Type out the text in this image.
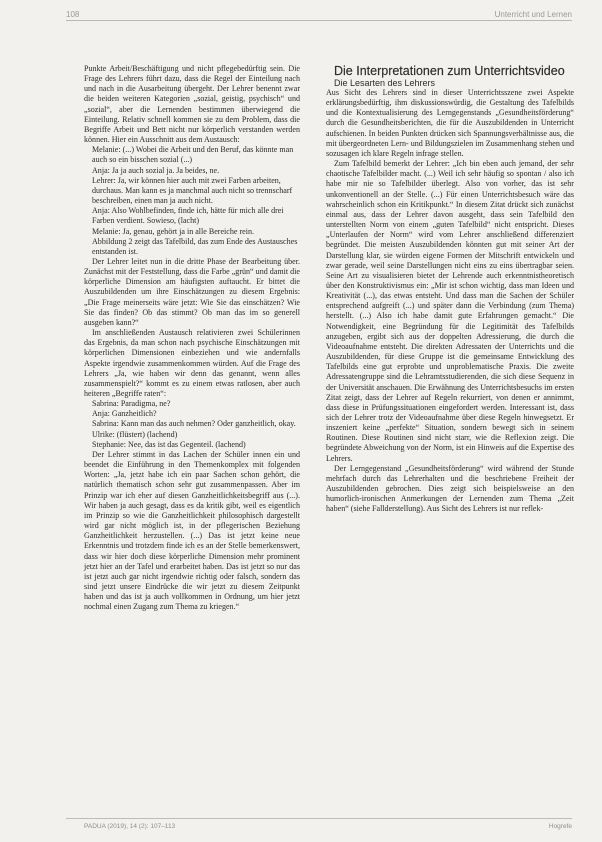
108	Unterricht und Lernen

Punkte Arbeit/Beschäftigung und nicht pflegebedürftig sein. Die Frage des Lehrers führt dazu, dass die Regel der Einteilung nach und nach in die Ausarbeitung übergeht. Der Lehrer benennt zwar die beiden weiteren Kategorien „sozial, geistig, psychisch“ und „sozial“, aber die Lernenden bestimmen überwiegend die Einteilung. Relativ schnell kommen sie zu dem Problem, dass die Begriffe Arbeit und Bett nicht nur körperlich verstanden werden können. Hier ein Ausschnitt aus dem Austausch:

Melanie: (...) Wobei die Arbeit und den Beruf, das könnte man auch so ein bisschen sozial (...)

Anja: Ja ja auch sozial ja. Ja beides, ne.

Lehrer: Ja, wir können hier auch mit zwei Farben arbeiten, durchaus. Man kann es ja manchmal auch nicht so trennscharf beschreiben, einen man ja auch nicht.

Anja: Also Wohlbefinden, finde ich, hätte für mich alle drei Farben verdient. Sowieso, (lacht)

Melanie: Ja, genau, gehört ja in alle Bereiche rein.

Abbildung 2 zeigt das Tafelbild, das zum Ende des Austausches entstanden ist.

Der Lehrer leitet nun in die dritte Phase der Bearbeitung über. Zunächst mit der Feststellung, dass die Farbe „grün“ und damit die körperliche Dimension am häufigsten auftaucht. Er bittet die Auszubildenden um ihre Einschätzungen zu diesem Ergebnis: „Die Frage meinerseits wäre jetzt: Wie Sie das einschätzen? Wie Sie das finden? Ob das stimmt? Ob man das im so generell ausgeben kann?“

Im anschließenden Austausch relativieren zwei Schülerinnen das Ergebnis, da man schon nach psychische Einschätzungen mit körperlichen Dimensionen einbeziehen und wie andernfalls Aspekte irgendwie zusammenkommen würden. Auf die Frage des Lehrers „Ja, wie haben wir denn das genannt, wenn alles zusammenspielt?“ kommt es zu einem etwas ratlosen, aber auch heiteren „Begriffe raten“:

Sabrina: Paradigma, ne?

Anja: Ganzheitlich?

Sabrina: Kann man das auch nehmen? Oder ganzheitlich, okay.

Ulrike: (flüstert) (lachend)

Stephanie: Nee, das ist das Gegenteil. (lachend)

Der Lehrer stimmt in das Lachen der Schüler innen ein und beendet die Einführung in den Themenkomplex mit folgenden Worten: „Ja, jetzt habe ich ein paar Sachen schon gehört, die natürlich thematisch schon sehr gut zusammenpassen. Aber im Prinzip war ich eher auf diesen Ganzheitlichkeitsbegriff aus (...). Wir haben ja auch gesagt, dass es da kritik gibt, weil es eigentlich im Prinzip so wie die Ganzheitlichkeit philosophisch dargestellt wird gar nicht möglich ist, in der pflegerischen Beziehung Ganzheitlichkeit herzustellen. (...) Das ist jetzt keine neue Erkenntnis und trotzdem finde ich es an der Stelle bemerkenswert, dass wir hier doch diese körperliche Dimension mehr prominent jetzt hier an der Tafel und erarbeitet haben. Das ist jetzt so nur das ist jetzt auch gar nicht irgendwie richtig oder falsch, sondern das sind jetzt unsere Eindrücke die wir jetzt zu diesem Zeitpunkt haben und das ist ja auch vollkommen in Ordnung, um hier jetzt nochmal einen Zugang zum Thema zu kriegen.“

Die Interpretationen zum Unterrichtsvideo

Die Lesarten des Lehrers

Aus Sicht des Lehrers sind in dieser Unterrichtsszene zwei Aspekte erklärungsbedürftig, ihm diskussionswürdig, die Gestaltung des Tafelbilds und die Kontextualisierung des Lerngegenstands „Gesundheitsförderung“ durch die Gesundheitsberichten, die für die Auszubildenden in Unterricht aufschienen. In beiden Punkten drücken sich Spannungsverhältnisse aus, die mit übergeordneten Lern- und Bildungszielen im Zusammenhang stehen und sozusagen ich klare Regeln infrage stellen.

Zum Tafelbild bemerkt der Lehrer: „Ich bin eben auch jemand, der sehr chaotische Tafelbilder macht. (...) Weil ich sehr häufig so spontan / also ich habe mir nie so Tafelbilder überlegt. Also von vorher, das ist sehr unkonventionell an der Stelle. (...) Für einen Unterrichtsbesuch wäre das wahrscheinlich schon ein Kritikpunkt.“ In diesem Zitat drückt sich zunächst einmal aus, dass der Lehrer davon ausgeht, dass sein Tafelbild den unterstellten Norm von einem „guten Tafelbild“ nicht entspricht. Dieses „Unterlaufen der Norm“ wird vom Lehrer anschließend differenziert begründet. Die meisten Auszubildenden könnten gut mit seiner Art der Darstellung klar, sie würden eigene Formen der Mitschrift entwickeln und zwar gerade, weil seine Darstellungen nicht eins zu eins übertragbar seien. Seine Art zu visualisieren bietet der Lehrende auch erkenntnistheoretisch über den Konstruktivismus ein: „Mir ist schon wichtig, dass man Ideen und Kreativität (...), das etwas entsteht. Und dass man die Sachen der Schüler entsprechend aufgreift (...) und später dann die Verbindung (zum Thema) herstellt. (...) Also ich habe damit gute Erfahrungen gemacht.“ Die Notwendigkeit, eine Begründung für die Legitimität des Tafelbilds anzugeben, ergibt sich aus der doppelten Adressierung, die durch die Videoaufnahme entsteht. Die direkten Adressaten der Unterrichts und die Auszubildenden, für diese Gruppe ist die gemeinsame Entwicklung des Tafelbilds eine gut erprobte und unproblematische Praxis. Die zweite Adressatengruppe sind die Lehramtsstudierenden, die sich diese Sequenz in der Universität anschauen. Die Erwähnung des Unterrichtsbesuchs im ersten Zitat zeigt, dass der Lehrer auf Regeln rekurriert, von denen er annimmt, dass diese in Prüfungssituationen eingefordert werden. Interessant ist, dass sich der Lehrer trotz der Videoaufnahme über diese Regeln hinwegsetzt. Er inszeniert keine „perfekte“ Situation, sondern bewegt sich in seinem Routinen. Diese Routinen sind nicht starr, wie die Reflexion zeigt. Die begründete Abweichung von der Norm, ist ein Hinweis auf die Expertise des Lehrers.

Der Lerngegenstand „Gesundheitsförderung“ wird während der Stunde mehrfach durch das Lehrerhalten und die beschriebene Freiheit der Auszubildenden gebrochen. Dies zeigt sich beispielsweise an den humorlich-ironischen Anmerkungen der Lernenden zum Thema „Zeit haben“ (siehe Fallderstellung). Aus Sicht des Lehrers ist nur reflek-

PADUA (2019), 14 (2): 107–113	Hogrefe
